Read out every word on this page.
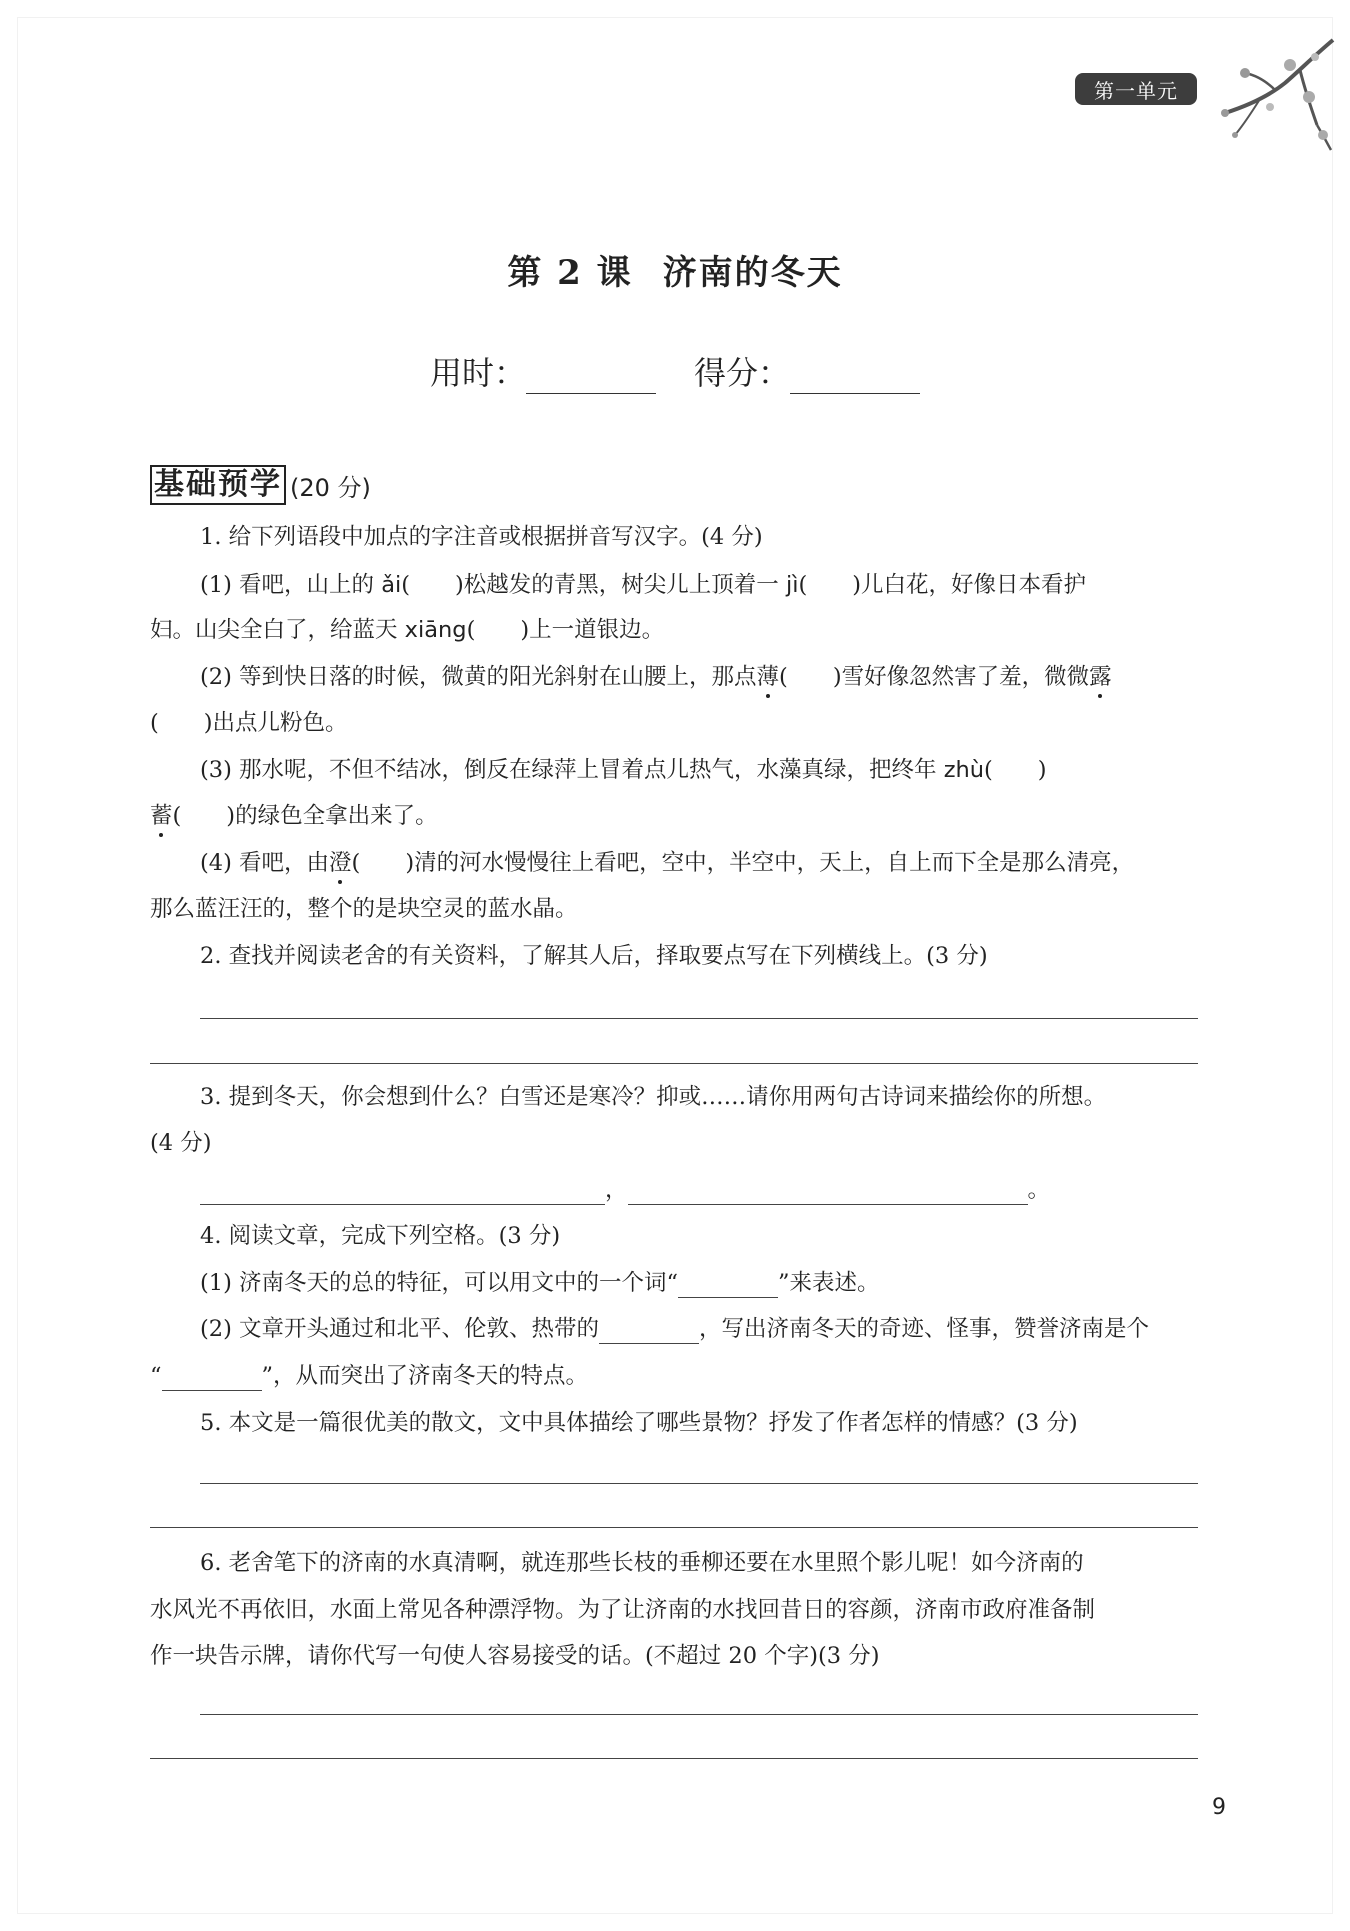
第一单元
第 2 课 济南的冬天
用时：	得分：
基础预学 (20 分)
1. 给下列语段中加点的字注音或根据拼音写汉字。(4 分)
(1) 看吧，山上的 ǎi(　　)松越发的青黑，树尖儿上顶着一 jì(　　)儿白花，好像日本看护
妇。山尖全白了，给蓝天 xiāng(　　)上一道银边。
(2) 等到快日落的时候，微黄的阳光斜射在山腰上，那点薄(　　)雪好像忽然害了羞，微微露
(　　)出点儿粉色。
(3) 那水呢，不但不结冰，倒反在绿萍上冒着点儿热气，水藻真绿，把终年 zhù(　　)
蓄(　　)的绿色全拿出来了。
(4) 看吧，由澄(　　)清的河水慢慢往上看吧，空中，半空中，天上，自上而下全是那么清亮，
那么蓝汪汪的，整个的是块空灵的蓝水晶。
2. 查找并阅读老舍的有关资料，了解其人后，择取要点写在下列横线上。(3 分)
3. 提到冬天，你会想到什么？白雪还是寒冷？抑或……请你用两句古诗词来描绘你的所想。
(4 分)
，	。
4. 阅读文章，完成下列空格。(3 分)
(1) 济南冬天的总的特征，可以用文中的一个词“	”来表述。
(2) 文章开头通过和北平、伦敦、热带的	，写出济南冬天的奇迹、怪事，赞誉济南是个
“	”，从而突出了济南冬天的特点。
5. 本文是一篇很优美的散文，文中具体描绘了哪些景物？抒发了作者怎样的情感？(3 分)
6. 老舍笔下的济南的水真清啊，就连那些长枝的垂柳还要在水里照个影儿呢！如今济南的
水风光不再依旧，水面上常见各种漂浮物。为了让济南的水找回昔日的容颜，济南市政府准备制
作一块告示牌，请你代写一句使人容易接受的话。(不超过 20 个字)(3 分)
9
